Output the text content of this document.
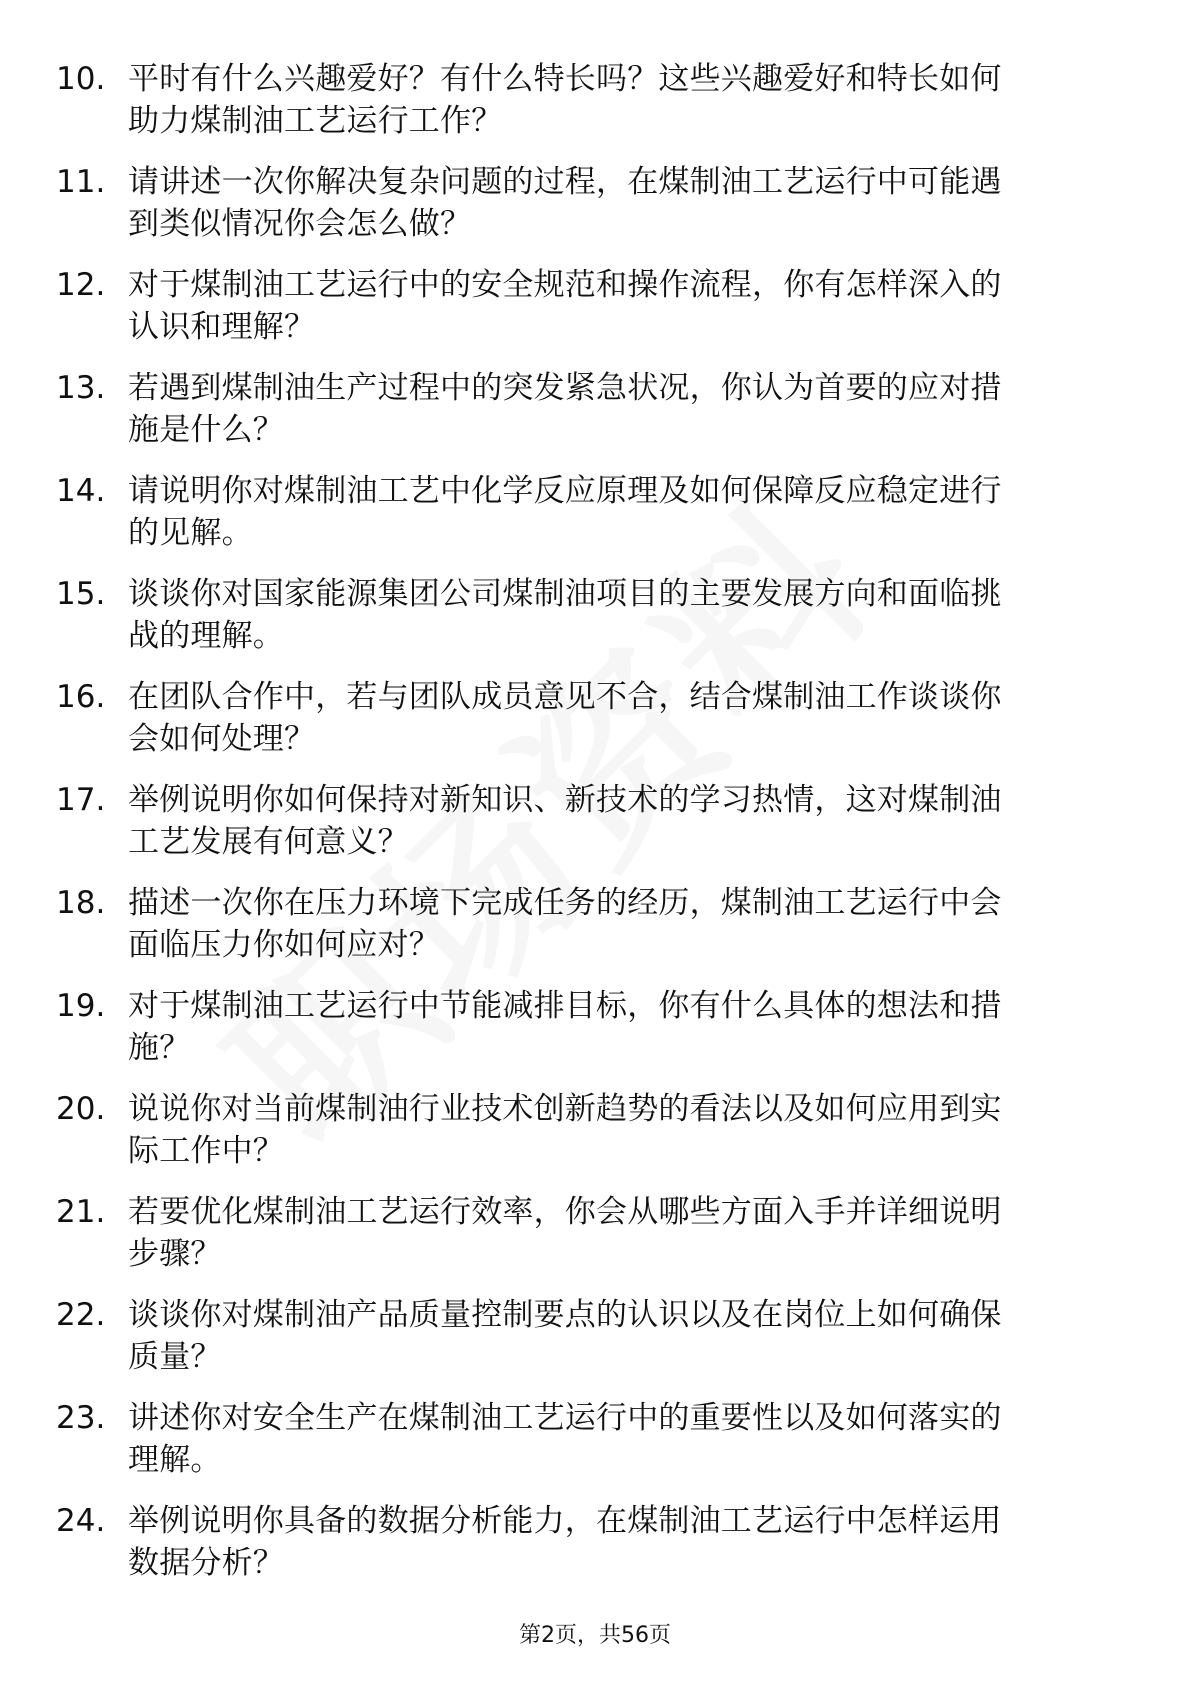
10. 平时有什么兴趣爱好？有什么特长吗？这些兴趣爱好和特长如何
助力煤制油工艺运行工作？
11. 请讲述一次你解决复杂问题的过程，在煤制油工艺运行中可能遇
到类似情况你会怎么做？
12. 对于煤制油工艺运行中的安全规范和操作流程，你有怎样深入的
认识和理解？
13. 若遇到煤制油生产过程中的突发紧急状况，你认为首要的应对措
施是什么？
14. 请说明你对煤制油工艺中化学反应原理及如何保障反应稳定进行
的见解。
15. 谈谈你对国家能源集团公司煤制油项目的主要发展方向和面临挑
战的理解。
16. 在团队合作中，若与团队成员意见不合，结合煤制油工作谈谈你
会如何处理？
17. 举例说明你如何保持对新知识、新技术的学习热情，这对煤制油
工艺发展有何意义？
18. 描述一次你在压力环境下完成任务的经历，煤制油工艺运行中会
面临压力你如何应对？
19. 对于煤制油工艺运行中节能减排目标，你有什么具体的想法和措
施？
20. 说说你对当前煤制油行业技术创新趋势的看法以及如何应用到实
际工作中？
21. 若要优化煤制油工艺运行效率，你会从哪些方面入手并详细说明
步骤？
22. 谈谈你对煤制油产品质量控制要点的认识以及在岗位上如何确保
质量？
23. 讲述你对安全生产在煤制油工艺运行中的重要性以及如何落实的
理解。
24. 举例说明你具备的数据分析能力，在煤制油工艺运行中怎样运用
数据分析？
第2页，共56页
